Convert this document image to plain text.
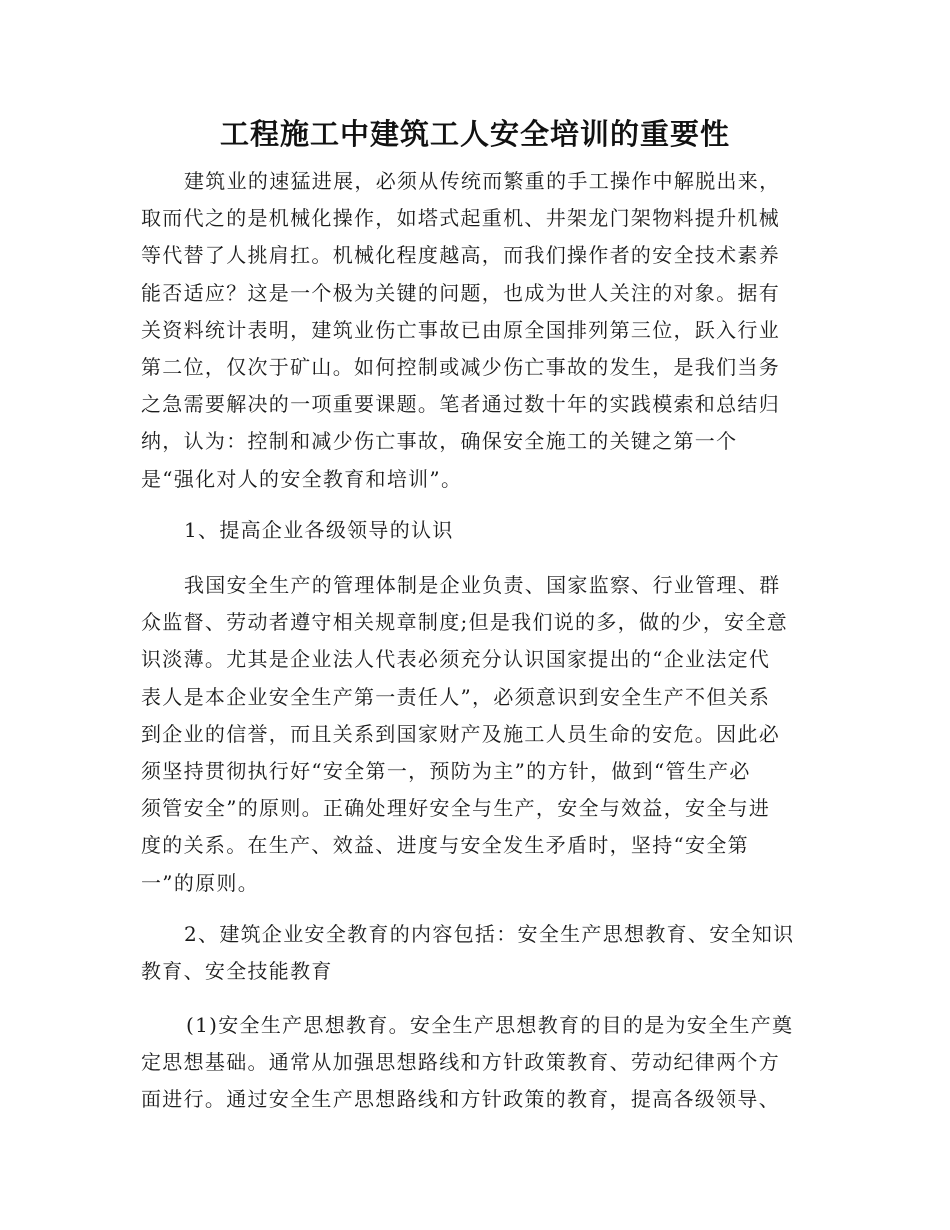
工程施工中建筑工人安全培训的重要性

建筑业的速猛进展，必须从传统而繁重的手工操作中解脱出来，
取而代之的是机械化操作，如塔式起重机、井架龙门架物料提升机械
等代替了人挑肩扛。机械化程度越高，而我们操作者的安全技术素养
能否适应？这是一个极为关键的问题，也成为世人关注的对象。据有
关资料统计表明，建筑业伤亡事故已由原全国排列第三位，跃入行业
第二位，仅次于矿山。如何控制或减少伤亡事故的发生，是我们当务
之急需要解决的一项重要课题。笔者通过数十年的实践模索和总结归
纳，认为：控制和减少伤亡事故，确保安全施工的关键之第一个
是“强化对人的安全教育和培训”。

1、提高企业各级领导的认识

我国安全生产的管理体制是企业负责、国家监察、行业管理、群
众监督、劳动者遵守相关规章制度;但是我们说的多，做的少，安全意
识淡薄。尤其是企业法人代表必须充分认识国家提出的“企业法定代
表人是本企业安全生产第一责任人”，必须意识到安全生产不但关系
到企业的信誉，而且关系到国家财产及施工人员生命的安危。因此必
须坚持贯彻执行好“安全第一，预防为主”的方针，做到“管生产必
须管安全”的原则。正确处理好安全与生产，安全与效益，安全与进
度的关系。在生产、效益、进度与安全发生矛盾时，坚持“安全第
一”的原则。

2、建筑企业安全教育的内容包括：安全生产思想教育、安全知识
教育、安全技能教育

(1)安全生产思想教育。安全生产思想教育的目的是为安全生产奠
定思想基础。通常从加强思想路线和方针政策教育、劳动纪律两个方
面进行。通过安全生产思想路线和方针政策的教育，提高各级领导、
